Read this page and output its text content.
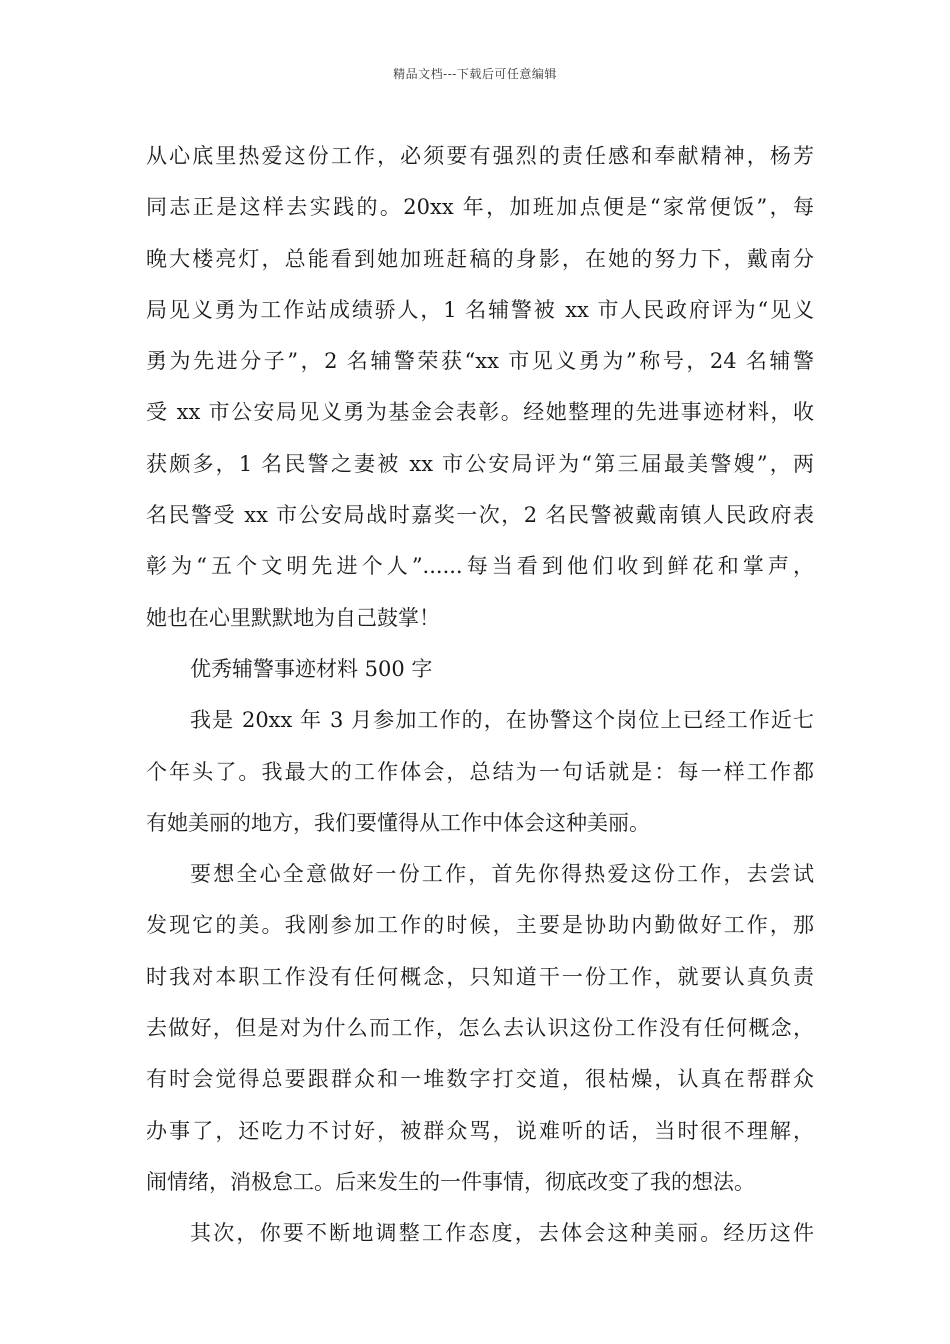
精品文档---下载后可任意编辑
从心底里热爱这份工作，必须要有强烈的责任感和奉献精神，杨芳
同志正是这样去实践的。20xx 年，加班加点便是“家常便饭”，每
晚大楼亮灯，总能看到她加班赶稿的身影，在她的努力下，戴南分
局见义勇为工作站成绩骄人，1 名辅警被 xx 市人民政府评为“见义
勇为先进分子”，2 名辅警荣获“xx 市见义勇为”称号，24 名辅警
受 xx 市公安局见义勇为基金会表彰。经她整理的先进事迹材料，收
获颇多，1 名民警之妻被 xx 市公安局评为“第三届最美警嫂”，两
名民警受 xx 市公安局战时嘉奖一次，2 名民警被戴南镇人民政府表
彰为“五个文明先进个人”......每当看到他们收到鲜花和掌声，
她也在心里默默地为自己鼓掌！
优秀辅警事迹材料 500 字
我是 20xx 年 3 月参加工作的，在协警这个岗位上已经工作近七
个年头了。我最大的工作体会，总结为一句话就是：每一样工作都
有她美丽的地方，我们要懂得从工作中体会这种美丽。
要想全心全意做好一份工作，首先你得热爱这份工作，去尝试
发现它的美。我刚参加工作的时候，主要是协助内勤做好工作，那
时我对本职工作没有任何概念，只知道干一份工作，就要认真负责
去做好，但是对为什么而工作，怎么去认识这份工作没有任何概念，
有时会觉得总要跟群众和一堆数字打交道，很枯燥，认真在帮群众
办事了，还吃力不讨好，被群众骂，说难听的话，当时很不理解，
闹情绪，消极怠工。后来发生的一件事情，彻底改变了我的想法。
其次，你要不断地调整工作态度，去体会这种美丽。经历这件
